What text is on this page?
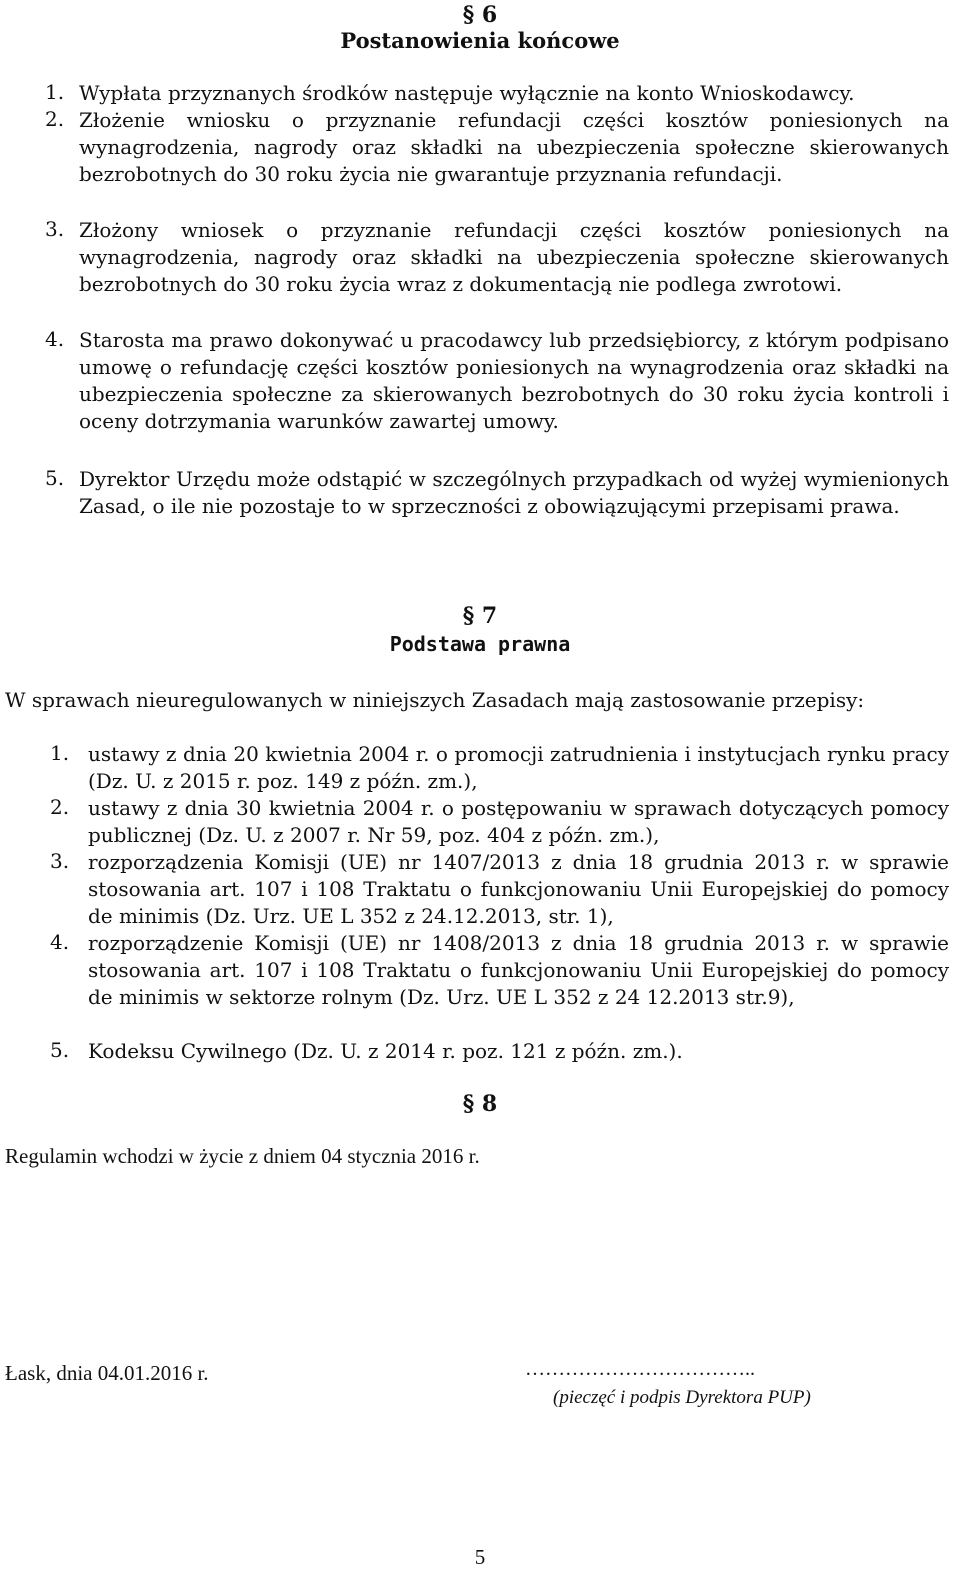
§ 6
Postanowienia końcowe
1. Wypłata przyznanych środków następuje wyłącznie na konto Wnioskodawcy.

2. Złożenie wniosku o przyznanie refundacji części kosztów poniesionych na wynagrodzenia, nagrody oraz składki na ubezpieczenia społeczne skierowanych bezrobotnych do 30 roku życia nie gwarantuje przyznania refundacji.

3. Złożony wniosek o przyznanie refundacji części kosztów poniesionych na wynagrodzenia, nagrody oraz składki na ubezpieczenia społeczne skierowanych bezrobotnych do 30 roku życia wraz z dokumentacją nie podlega zwrotowi.

4. Starosta ma prawo dokonywać u pracodawcy lub przedsiębiorcy, z którym podpisano umowę o refundację części kosztów poniesionych na wynagrodzenia oraz składki na ubezpieczenia społeczne za skierowanych bezrobotnych do 30 roku życia kontroli i oceny dotrzymania warunków zawartej umowy.

5. Dyrektor Urzędu może odstąpić w szczególnych przypadkach od wyżej wymienionych Zasad, o ile nie pozostaje to w sprzeczności z obowiązującymi przepisami prawa.

§ 7
Podstawa prawna

W sprawach nieuregulowanych w niniejszych Zasadach mają zastosowanie przepisy:

1. ustawy z dnia 20 kwietnia 2004 r. o promocji zatrudnienia i instytucjach rynku pracy (Dz. U. z 2015 r. poz. 149 z późn. zm.),

2. ustawy z dnia 30 kwietnia 2004 r. o postępowaniu w sprawach dotyczących pomocy publicznej (Dz. U. z 2007 r. Nr 59, poz. 404 z późn. zm.),

3. rozporządzenia Komisji (UE) nr 1407/2013 z dnia 18 grudnia 2013 r. w sprawie stosowania art. 107 i 108 Traktatu o funkcjonowaniu Unii Europejskiej do pomocy de minimis (Dz. Urz. UE L 352 z 24.12.2013, str. 1),

4. rozporządzenie Komisji (UE) nr 1408/2013 z dnia 18 grudnia 2013 r. w sprawie stosowania art. 107 i 108 Traktatu o funkcjonowaniu Unii Europejskiej do pomocy de minimis w sektorze rolnym (Dz. Urz. UE L 352 z 24 12.2013 str.9),

5. Kodeksu Cywilnego (Dz. U. z 2014 r. poz. 121 z późn. zm.).

§ 8

Regulamin wchodzi w życie z dniem 04 stycznia 2016 r.

Łask, dnia 04.01.2016 r.	……………………………..
(pieczęć i podpis Dyrektora PUP)
5
